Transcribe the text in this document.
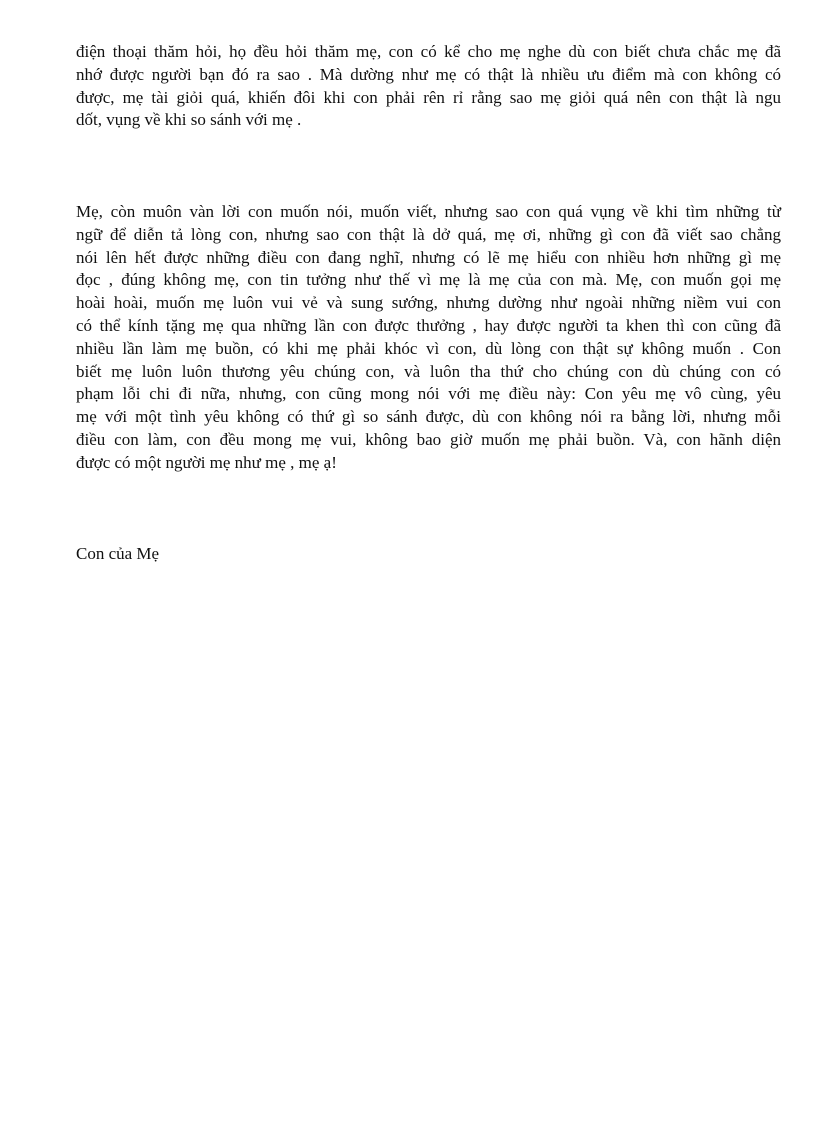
điện thoại thăm hỏi, họ đều hỏi thăm mẹ, con có kể cho mẹ nghe dù con biết chưa chắc mẹ đã
nhớ được người bạn đó ra sao . Mà dường như mẹ có thật là nhiều ưu điểm mà con không có
được, mẹ tài giỏi quá, khiến đôi khi con phải rên rỉ rằng sao mẹ giỏi quá nên con thật là ngu
dốt, vụng về khi so sánh với mẹ .
Mẹ, còn muôn vàn lời con muốn nói, muốn viết, nhưng sao con quá vụng về khi tìm những từ
ngữ để diễn tả lòng con, nhưng sao con thật là dở quá, mẹ ơi, những gì con đã viết sao chẳng
nói lên hết được những điều con đang nghĩ, nhưng có lẽ mẹ hiểu con nhiều hơn những gì mẹ
đọc , đúng không mẹ, con tin tưởng như thế vì mẹ là mẹ của con mà. Mẹ, con muốn gọi mẹ
hoài hoài, muốn mẹ luôn vui vẻ và sung sướng, nhưng dường như ngoài những niềm vui con
có thể kính tặng mẹ qua những lần con được thưởng , hay được người ta khen thì con cũng đã
nhiều lần làm mẹ buồn, có khi mẹ phải khóc vì con, dù lòng con thật sự không muốn . Con
biết mẹ luôn luôn thương yêu chúng con, và luôn tha thứ cho chúng con dù chúng con có
phạm lỗi chi đi nữa, nhưng, con cũng mong nói với mẹ điều này: Con yêu mẹ vô cùng, yêu
mẹ với một tình yêu không có thứ gì so sánh được, dù con không nói ra bằng lời, nhưng mỗi
điều con làm, con đều mong mẹ vui, không bao giờ muốn mẹ phải buồn. Và, con hãnh diện
được có một người mẹ như mẹ , mẹ ạ!
Con của Mẹ
